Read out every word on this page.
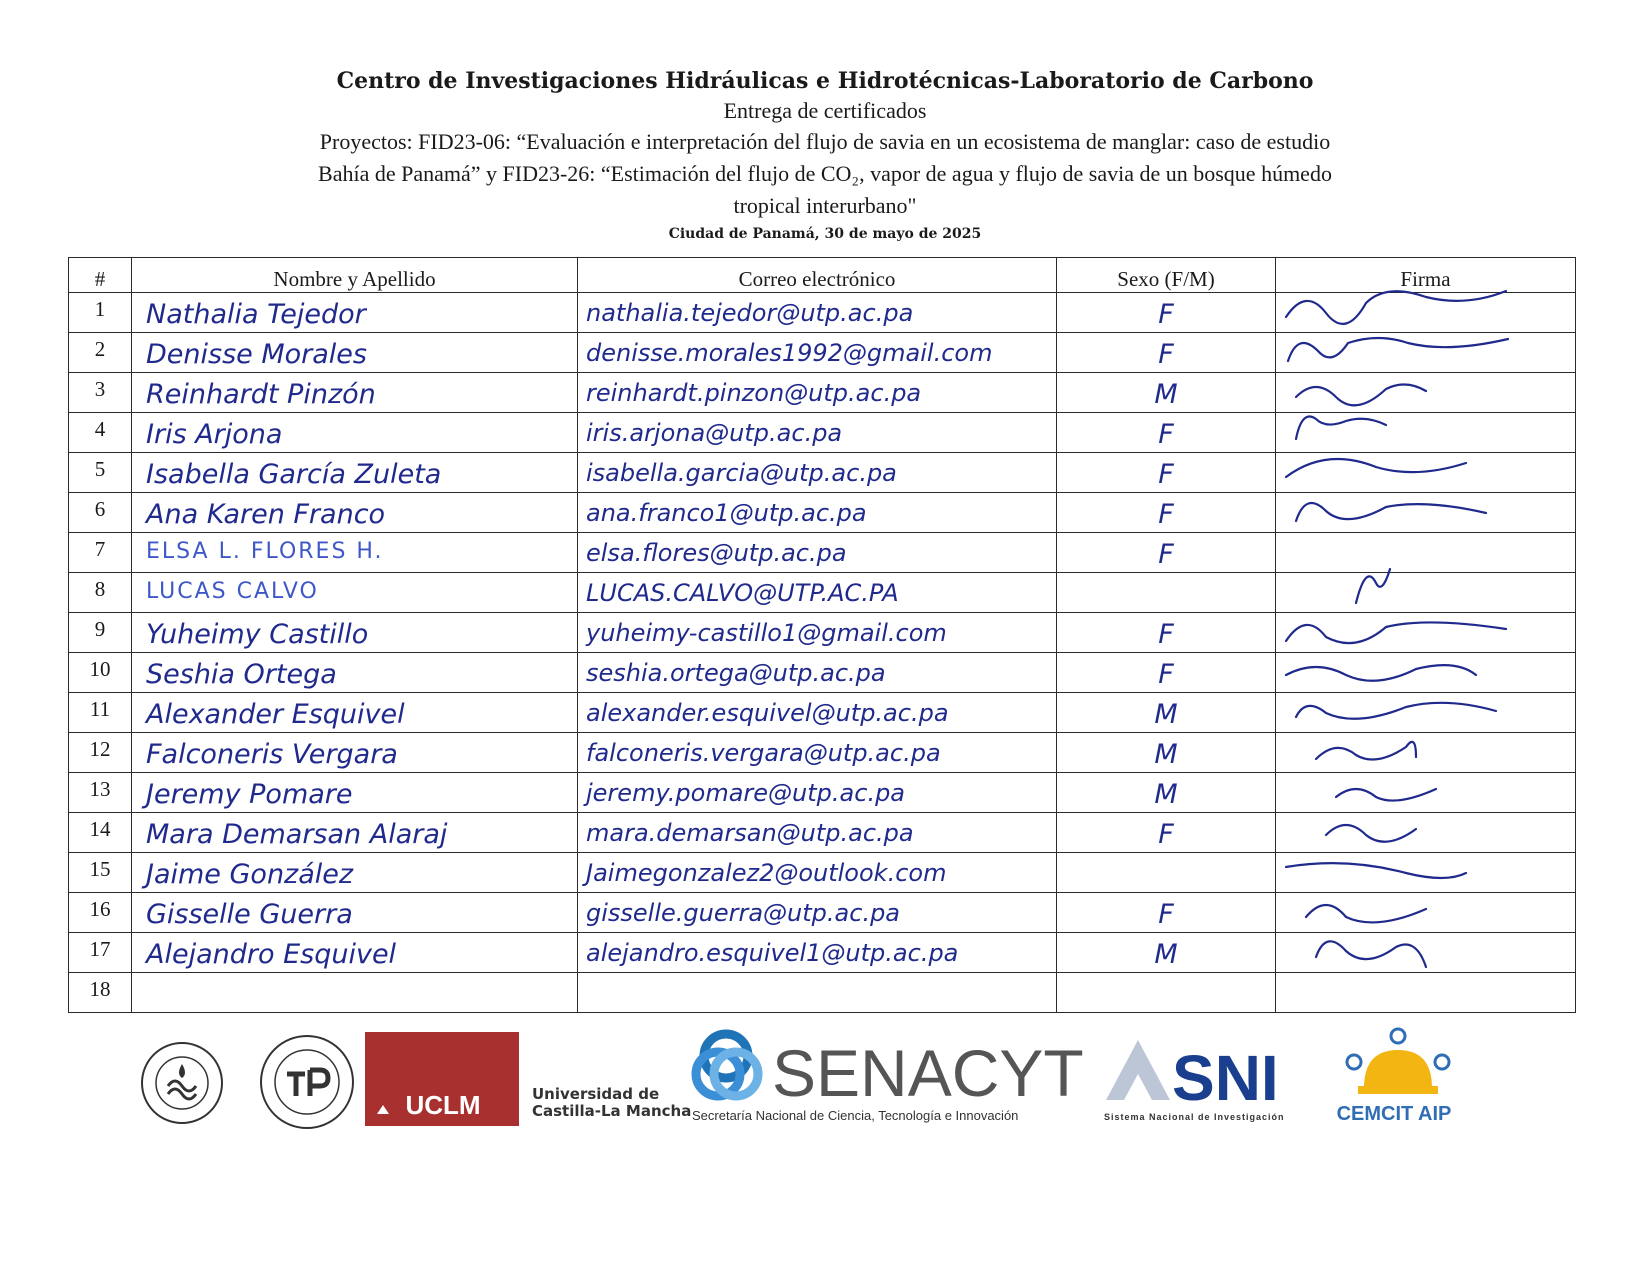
Centro de Investigaciones Hidráulicas e Hidrotécnicas-Laboratorio de Carbono
Entrega de certificados
Proyectos: FID23-06: “Evaluación e interpretación del flujo de savia en un ecosistema de manglar: caso de estudio
Bahía de Panamá” y FID23-26: “Estimación del flujo de CO₂, vapor de agua y flujo de savia de un bosque húmedo
tropical interurbano"
Ciudad de Panamá, 30 de mayo de 2025
#	Nombre y Apellido	Correo electrónico	Sexo (F/M)	Firma

1	Nathalia Tejedor	nathalia.tejedor@utp.ac.pa	F

2	Denisse Morales	denisse.morales1992@gmail.com	F

3	Reinhardt Pinzón	reinhardt.pinzon@utp.ac.pa	M

4	Iris Arjona	iris.arjona@utp.ac.pa	F

5	Isabella García Zuleta	isabella.garcia@utp.ac.pa	F

6	Ana Karen Franco	ana.franco1@utp.ac.pa	F

7	ELSA L. FLORES H.	elsa.flores@utp.ac.pa	F	

8	LUCAS CALVO	LUCAS.CALVO@UTP.AC.PA

9	Yuheimy Castillo	yuheimy-castillo1@gmail.com	F

10	Seshia Ortega	seshia.ortega@utp.ac.pa	F

11	Alexander Esquivel	alexander.esquivel@utp.ac.pa	M

12	Falconeris Vergara	falconeris.vergara@utp.ac.pa	M

13	Jeremy Pomare	jeremy.pomare@utp.ac.pa	M

14	Mara Demarsan Alaraj	mara.demarsan@utp.ac.pa	F

15	Jaime González	Jaimegonzalez2@outlook.com

16	Gisselle Guerra	gisselle.guerra@utp.ac.pa	F

17	Alejandro Esquivel	alejandro.esquivel1@utp.ac.pa	M

18				

UCLM	Universidad de
Castilla-La Mancha
SENACYT
Secretaría Nacional de Ciencia, Tecnología e Innovación
SNI
Sistema Nacional de Investigación	CEMCIT AIP
